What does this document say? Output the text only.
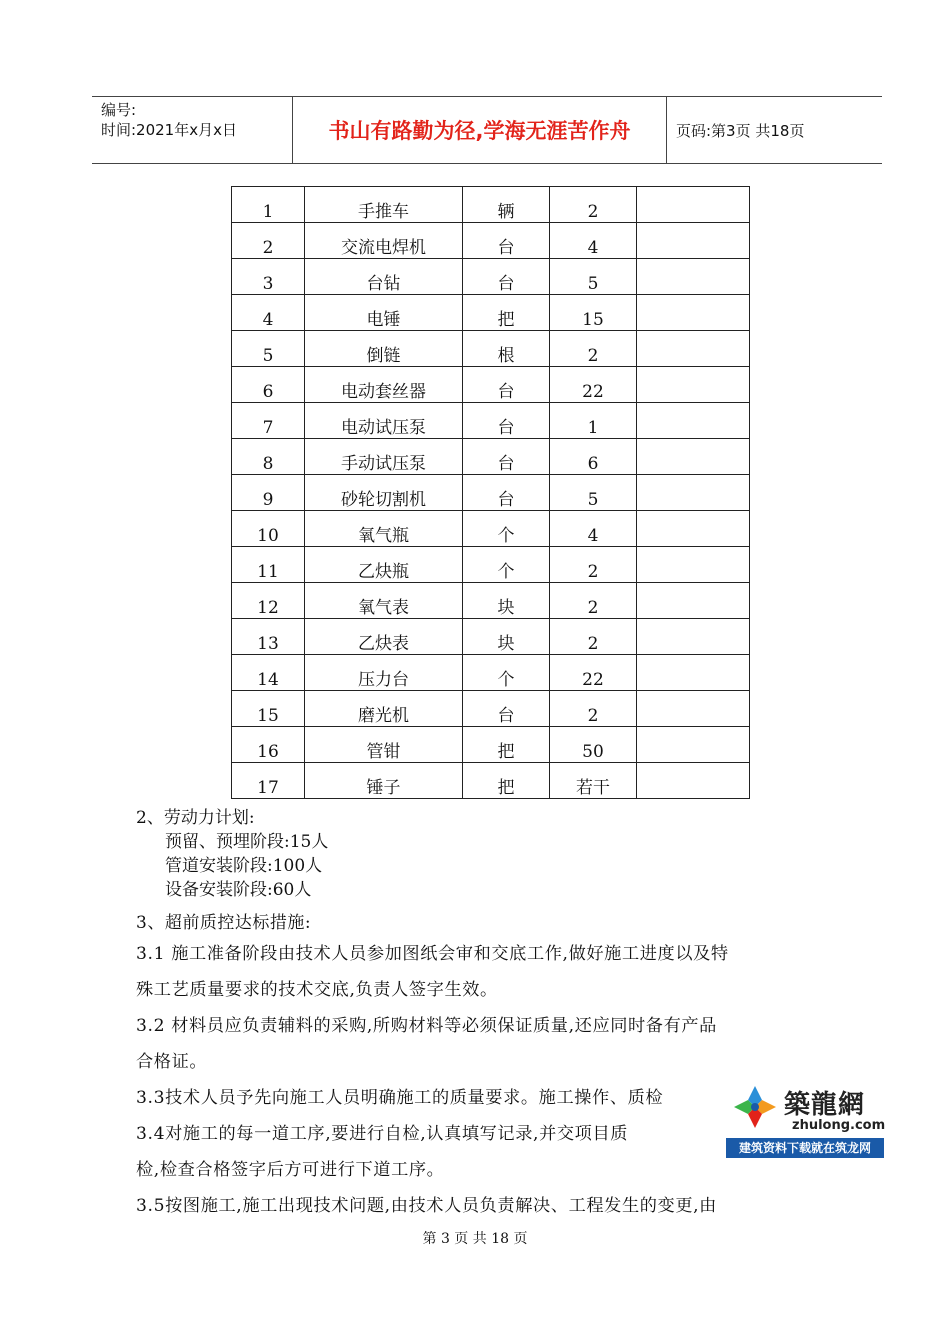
编号:
时间:2021年x月x日	书山有路勤为径,学海无涯苦作舟	页码:第3页 共18页
1	手推车	辆	2	
2	交流电焊机	台	4	
3	台钻	台	5	
4	电锤	把	15	
5	倒链	根	2	
6	电动套丝器	台	22	
7	电动试压泵	台	1	
8	手动试压泵	台	6	
9	砂轮切割机	台	5	
10	氧气瓶	个	4	
11	乙炔瓶	个	2	
12	氧气表	块	2	
13	乙炔表	块	2	
14	压力台	个	22	
15	磨光机	台	2	
16	管钳	把	50	
17	锤子	把	若干	
2、劳动力计划:
预留、预埋阶段:15人
管道安装阶段:100人
设备安装阶段:60人
3、超前质控达标措施:
3.1 施工准备阶段由技术人员参加图纸会审和交底工作,做好施工进度以及特
殊工艺质量要求的技术交底,负责人签字生效。
3.2 材料员应负责辅料的采购,所购材料等必须保证质量,还应同时备有产品
合格证。
3.3技术人员予先向施工人员明确施工的质量要求。施工操作、质检
3.4对施工的每一道工序,要进行自检,认真填写记录,并交项目质
检,检查合格签字后方可进行下道工序。
3.5按图施工,施工出现技术问题,由技术人员负责解决、工程发生的变更,由
築龍網
zhulong.com
建筑资料下载就在筑龙网
第 3 页 共 18 页
